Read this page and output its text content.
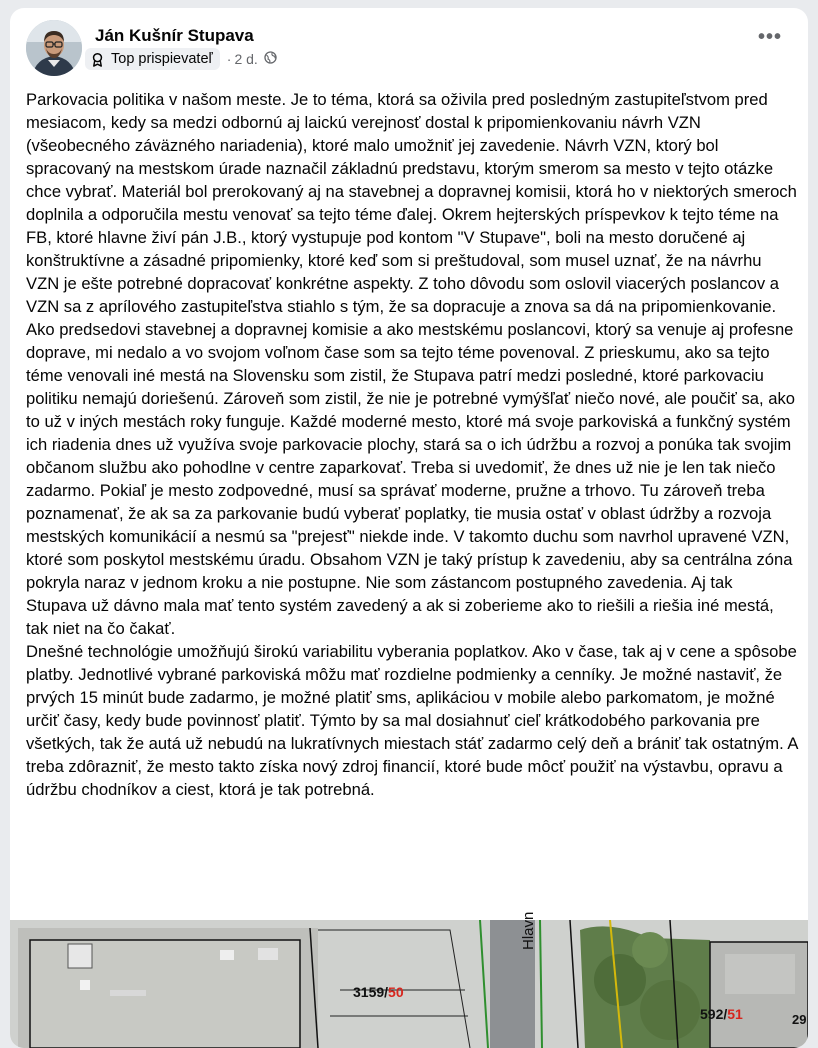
Ján Kušnír Stupava
Top prispievateľ · 2 d.
•••
Parkovacia politika v našom meste. Je to téma, ktorá sa oživila pred posledným zastupiteľstvom pred mesiacom, kedy sa medzi odbornú aj laickú verejnosť dostal k pripomienkovaniu návrh VZN (všeobecného záväzného nariadenia), ktoré malo umožniť jej zavedenie. Návrh VZN, ktorý bol spracovaný na mestskom úrade naznačil základnú predstavu, ktorým smerom sa mesto v tejto otázke chce vybrať. Materiál bol prerokovaný aj na stavebnej a dopravnej komisii, ktorá ho v niektorých smeroch doplnila a odporučila mestu venovať sa tejto téme ďalej. Okrem hejterských príspevkov k tejto téme na FB, ktoré hlavne živí pán J.B., ktorý vystupuje pod kontom "V Stupave", boli na mesto doručené aj konštruktívne a zásadné pripomienky, ktoré keď som si preštudoval, som musel uznať, že na návrhu VZN je ešte potrebné dopracovať konkrétne aspekty. Z toho dôvodu som oslovil viacerých poslancov a VZN sa z aprílového zastupiteľstva stiahlo s tým, že sa dopracuje a znova sa dá na pripomienkovanie.
Ako predsedovi stavebnej a dopravnej komisie a ako mestskému poslancovi, ktorý sa venuje aj profesne doprave, mi nedalo a vo svojom voľnom čase som sa tejto téme povenoval. Z prieskumu, ako sa tejto téme venovali iné mestá na Slovensku som zistil, že Stupava patrí medzi posledné, ktoré parkovaciu politiku nemajú doriešenú. Zároveň som zistil, že nie je potrebné vymýšľať niečo nové, ale poučiť sa, ako to už v iných mestách roky funguje. Každé moderné mesto, ktoré má svoje parkoviská a funkčný systém ich riadenia dnes už využíva svoje parkovacie plochy, stará sa o ich údržbu a rozvoj a ponúka tak svojim občanom službu ako pohodlne v centre zaparkovať. Treba si uvedomiť, že dnes už nie je len tak niečo zadarmo. Pokiaľ je mesto zodpovedné, musí sa správať moderne, pružne a trhovo. Tu zároveň treba poznamenať, že ak sa za parkovanie budú vyberať poplatky, tie musia ostať v oblast údržby a rozvoja mestských komunikácií a nesmú sa "prejesť" niekde inde. V takomto duchu som navrhol upravené VZN, ktoré som poskytol mestskému úradu. Obsahom VZN je taký prístup k zavedeniu, aby sa centrálna zóna pokryla naraz v jednom kroku a nie postupne. Nie som zástancom postupného zavedenia. Aj tak Stupava už dávno mala mať tento systém zavedený a ak si zoberieme ako to riešili a riešia iné mestá, tak niet na čo čakať.
Dnešné technológie umožňujú širokú variabilitu vyberania poplatkov. Ako v čase, tak aj v cene a spôsobe platby. Jednotlivé vybrané parkoviská môžu mať rozdielne podmienky a cenníky. Je možné nastaviť, že prvých 15 minút bude zadarmo, je možné platiť sms, aplikáciou v mobile alebo parkomatom, je možné určiť časy, kedy bude povinnosť platiť. Týmto by sa mal dosiahnuť cieľ krátkodobého parkovania pre všetkých, tak že autá už nebudú na lukratívnych miestach stáť zadarmo celý deň a brániť tak ostatným. A treba zdôrazniť, že mesto takto získa nový zdroj financií, ktoré bude môcť použiť na výstavbu, opravu a údržbu chodníkov a ciest, ktorá je tak potrebná.
3159/50
592/51
Hlavn
29
